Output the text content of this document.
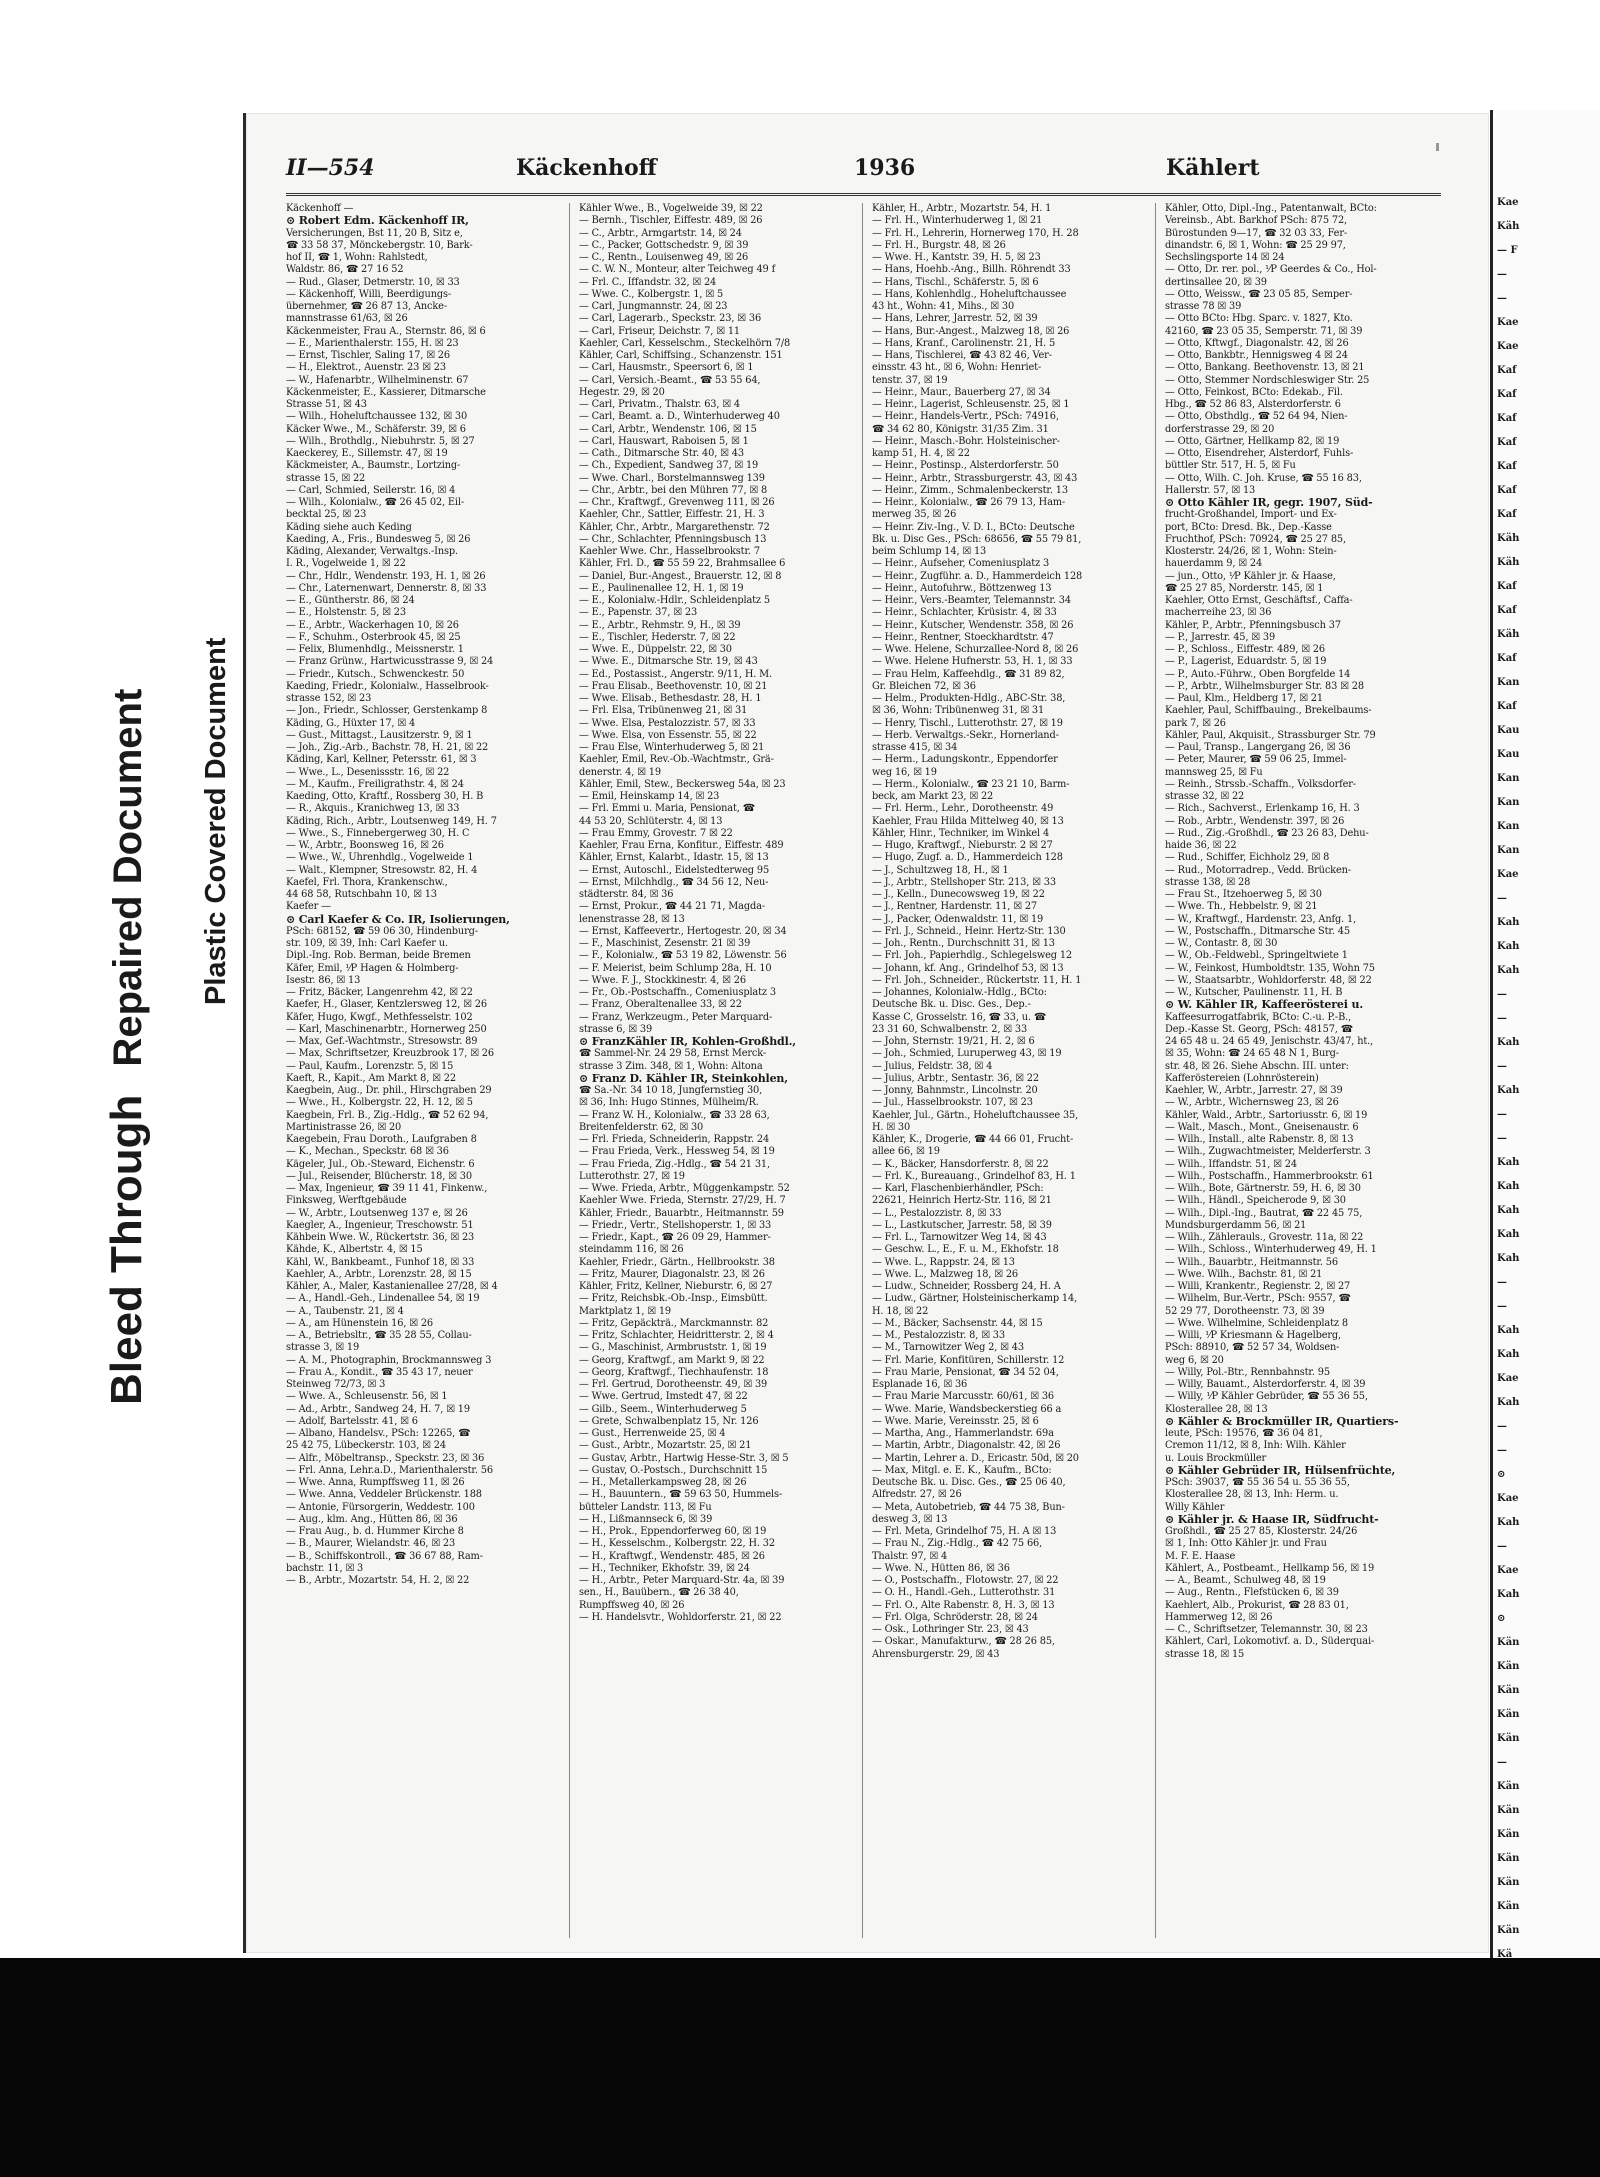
Bleed ThroughRepaired Document Plastic Covered Document
II—554	Käckenhoff	1936	Kählert
Käckenhoff —
⊙ Robert Edm. Käckenhoff IR,
Versicherungen, Bst 11, 20 B, Sitz e,
☎ 33 58 37, Mönckebergstr. 10, Bark-
hof II, ☎ 1, Wohn: Rahlstedt,
Waldstr. 86, ☎ 27 16 52
— Rud., Glaser, Detmerstr. 10, ☒ 33
— Käckenhoff, Willi, Beerdigungs-
übernehmer, ☎ 26 87 13, Ancke-
mannstrasse 61/63, ☒ 26
Käckenmeister, Frau A., Sternstr. 86, ☒ 6
— E., Marienthalerstr. 155, H. ☒ 23
— Ernst, Tischler, Saling 17, ☒ 26
— H., Elektrot., Auenstr. 23 ☒ 23
— W., Hafenarbtr., Wilhelminenstr. 67
Käckenmeister, E., Kassierer, Ditmarsche
Strasse 51, ☒ 43
— Wilh., Hoheluftchaussee 132, ☒ 30
Käcker Wwe., M., Schäferstr. 39, ☒ 6
— Wilh., Brothdlg., Niebuhrstr. 5, ☒ 27
Kaeckerey, E., Sillemstr. 47, ☒ 19
Käckmeister, A., Baumstr., Lortzing-
strasse 15, ☒ 22
— Carl, Schmied, Seilerstr. 16, ☒ 4
— Wilh., Kolonialw., ☎ 26 45 02, Eil-
becktal 25, ☒ 23
Käding siehe auch Keding
Kaeding, A., Fris., Bundesweg 5, ☒ 26
Käding, Alexander, Verwaltgs.-Insp.
I. R., Vogelweide 1, ☒ 22
— Chr., Hdlr., Wendenstr. 193, H. 1, ☒ 26
— Chr., Laternenwart, Dennerstr. 8, ☒ 33
— E., Güntherstr. 86, ☒ 24
— E., Holstenstr. 5, ☒ 23
— E., Arbtr., Wackerhagen 10, ☒ 26
— F., Schuhm., Osterbrook 45, ☒ 25
— Felix, Blumenhdlg., Meissnerstr. 1
— Franz Grünw., Hartwicusstrasse 9, ☒ 24
— Friedr., Kutsch., Schwenckestr. 50
Kaeding, Friedr., Kolonialw., Hasselbrook-
strasse 152, ☒ 23
— Jon., Friedr., Schlosser, Gerstenkamp 8
Käding, G., Hüxter 17, ☒ 4
— Gust., Mittagst., Lausitzerstr. 9, ☒ 1
— Joh., Zig.-Arb., Bachstr. 78, H. 21, ☒ 22
Käding, Karl, Kellner, Petersstr. 61, ☒ 3
— Wwe., L., Desenissstr. 16, ☒ 22
— M., Kaufm., Freiligrathstr. 4, ☒ 24
Kaeding, Otto, Kraftf., Rossberg 30, H. B
— R., Akquis., Kranichweg 13, ☒ 33
Käding, Rich., Arbtr., Loutsenweg 149, H. 7
— Wwe., S., Finnebergerweg 30, H. C
— W., Arbtr., Boonsweg 16, ☒ 26
— Wwe., W., Uhrenhdlg., Vogelweide 1
— Walt., Klempner, Stresowstr. 82, H. 4
Kaefel, Frl. Thora, Krankenschw.,
44 68 58, Rutschbahn 10, ☒ 13
Kaefer —
⊙ Carl Kaefer & Co. IR, Isolierungen,
PSch: 68152, ☎ 59 06 30, Hindenburg-
str. 109, ☒ 39, Inh: Carl Kaefer u.
Dipl.-Ing. Rob. Berman, beide Bremen
Käfer, Emil, ¹⁄P Hagen & Holmberg-
Isestr. 86, ☒ 13
— Fritz, Bäcker, Langenrehm 42, ☒ 22
Kaefer, H., Glaser, Kentzlersweg 12, ☒ 26
Käfer, Hugo, Kwgf., Methfesselstr. 102
— Karl, Maschinenarbtr., Hornerweg 250
— Max, Gef.-Wachtmstr., Stresowstr. 89
— Max, Schriftsetzer, Kreuzbrook 17, ☒ 26
— Paul, Kaufm., Lorenzstr. 5, ☒ 15
Kaeft, R., Kapit., Am Markt 8, ☒ 22
Kaegbein, Aug., Dr. phil., Hirschgraben 29
— Wwe., H., Kolbergstr. 22, H. 12, ☒ 5
Kaegbein, Frl. B., Zig.-Hdlg., ☎ 52 62 94,
Martinistrasse 26, ☒ 20
Kaegebein, Frau Doroth., Laufgraben 8
— K., Mechan., Speckstr. 68 ☒ 36
Kägeler, Jul., Ob.-Steward, Eichenstr. 6
— Jul., Reisender, Blücherstr. 18, ☒ 30
— Max, Ingenieur, ☎ 39 11 41, Finkenw.,
Finksweg, Werftgebäude
— W., Arbtr., Loutsenweg 137 e, ☒ 26
Kaegler, A., Ingenieur, Treschowstr. 51
Kähbein Wwe. W., Rückertstr. 36, ☒ 23
Kähde, K., Albertstr. 4, ☒ 15
Kähl, W., Bankbeamt., Funhof 18, ☒ 33
Kaehler, A., Arbtr., Lorenzstr. 28, ☒ 15
Kähler, A., Maler, Kastanienallee 27/28, ☒ 4
— A., Handl.-Geh., Lindenallee 54, ☒ 19
— A., Taubenstr. 21, ☒ 4
— A., am Hünenstein 16, ☒ 26
— A., Betriebsltr., ☎ 35 28 55, Collau-
strasse 3, ☒ 19
— A. M., Photographin, Brockmannsweg 3
— Frau A., Kondit., ☎ 35 43 17, neuer
Steinweg 72/73, ☒ 3
— Wwe. A., Schleusenstr. 56, ☒ 1
— Ad., Arbtr., Sandweg 24, H. 7, ☒ 19
— Adolf, Bartelsstr. 41, ☒ 6
— Albano, Handelsv., PSch: 12265, ☎
25 42 75, Lübeckerstr. 103, ☒ 24
— Alfr., Möbeltransp., Speckstr. 23, ☒ 36
— Frl. Anna, Lehr.a.D., Marienthalerstr. 56
— Wwe. Anna, Rumpffsweg 11, ☒ 26
— Wwe. Anna, Veddeler Brückenstr. 188
— Antonie, Fürsorgerin, Weddestr. 100
— Aug., klm. Ang., Hütten 86, ☒ 36
— Frau Aug., b. d. Hummer Kirche 8
— B., Maurer, Wielandstr. 46, ☒ 23
— B., Schiffskontroll., ☎ 36 67 88, Ram-
bachstr. 11, ☒ 3
— B., Arbtr., Mozartstr. 54, H. 2, ☒ 22
Kähler Wwe., B., Vogelweide 39, ☒ 22
— Bernh., Tischler, Eiffestr. 489, ☒ 26
— C., Arbtr., Armgartstr. 14, ☒ 24
— C., Packer, Gottschedstr. 9, ☒ 39
— C., Rentn., Louisenweg 49, ☒ 26
— C. W. N., Monteur, alter Teichweg 49 f
— Frl. C., Iffandstr. 32, ☒ 24
— Wwe. C., Kolbergstr. 1, ☒ 5
— Carl, Jungmannstr. 24, ☒ 23
— Carl, Lagerarb., Speckstr. 23, ☒ 36
— Carl, Friseur, Deichstr. 7, ☒ 11
Kaehler, Carl, Kesselschm., Steckelhörn 7/8
Kähler, Carl, Schiffsing., Schanzenstr. 151
— Carl, Hausmstr., Speersort 6, ☒ 1
— Carl, Versich.-Beamt., ☎ 53 55 64,
Hegestr. 29, ☒ 20
— Carl, Privatm., Thalstr. 63, ☒ 4
— Carl, Beamt. a. D., Winterhuderweg 40
— Carl, Arbtr., Wendenstr. 106, ☒ 15
— Carl, Hauswart, Raboisen 5, ☒ 1
— Cath., Ditmarsche Str. 40, ☒ 43
— Ch., Expedient, Sandweg 37, ☒ 19
— Wwe. Charl., Borstelmannsweg 139
— Chr., Arbtr., bei den Mühren 77, ☒ 8
— Chr., Kraftwgf., Grevenweg 111, ☒ 26
Kaehler, Chr., Sattler, Eiffestr. 21, H. 3
Kähler, Chr., Arbtr., Margarethenstr. 72
— Chr., Schlachter, Pfenningsbusch 13
Kaehler Wwe. Chr., Hasselbrookstr. 7
Kähler, Frl. D., ☎ 55 59 22, Brahmsallee 6
— Daniel, Bur.-Angest., Brauerstr. 12, ☒ 8
— E., Paulinenallee 12, H. 1, ☒ 19
— E., Kolonialw.-Hdlr., Schleidenplatz 5
— E., Papenstr. 37, ☒ 23
— E., Arbtr., Rehmstr. 9, H., ☒ 39
— E., Tischler, Hederstr. 7, ☒ 22
— Wwe. E., Düppelstr. 22, ☒ 30
— Wwe. E., Ditmarsche Str. 19, ☒ 43
— Ed., Postassist., Angerstr. 9/11, H. M.
— Frau Elisab., Beethovenstr. 10, ☒ 21
— Wwe. Elisab., Bethesdastr. 28, H. 1
— Frl. Elsa, Tribünenweg 21, ☒ 31
— Wwe. Elsa, Pestalozzistr. 57, ☒ 33
— Wwe. Elsa, von Essenstr. 55, ☒ 22
— Frau Else, Winterhuderweg 5, ☒ 21
Kaehler, Emil, Rev.-Ob.-Wachtmstr., Grä-
denerstr. 4, ☒ 19
Kähler, Emil, Stew., Beckersweg 54a, ☒ 23
— Emil, Heinskamp 14, ☒ 23
— Frl. Emmi u. Maria, Pensionat, ☎
44 53 20, Schlüterstr. 4, ☒ 13
— Frau Emmy, Grovestr. 7 ☒ 22
Kaehler, Frau Erna, Konfitur., Eiffestr. 489
Kähler, Ernst, Kalarbt., Idastr. 15, ☒ 13
— Ernst, Autoschl., Eidelstedterweg 95
— Ernst, Milchhdlg., ☎ 34 56 12, Neu-
städterstr. 84, ☒ 36
— Ernst, Prokur., ☎ 44 21 71, Magda-
lenenstrasse 28, ☒ 13
— Ernst, Kaffeevertr., Hertogestr. 20, ☒ 34
— F., Maschinist, Zesenstr. 21 ☒ 39
— F., Kolonialw., ☎ 53 19 82, Löwenstr. 56
— F. Meierist, beim Schlump 28a, H. 10
— Wwe. F. J., Stockkinestr. 4, ☒ 26
— Fr., Ob.-Postschaffn., Comeniusplatz 3
— Franz, Oberaltenallee 33, ☒ 22
— Franz, Werkzeugm., Peter Marquard-
strasse 6, ☒ 39
⊙ FranzKähler IR, Kohlen-Großhdl.,
☎ Sammel-Nr. 24 29 58, Ernst Merck-
strasse 3 Zim. 348, ☒ 1, Wohn: Altona
⊙ Franz D. Kähler IR, Steinkohlen,
☎ Sa.-Nr. 34 10 18, Jungfernstieg 30,
☒ 36, Inh: Hugo Stinnes, Mülheim/R.
— Franz W. H., Kolonialw., ☎ 33 28 63,
Breitenfelderstr. 62, ☒ 30
— Frl. Frieda, Schneiderin, Rappstr. 24
— Frau Frieda, Verk., Hessweg 54, ☒ 19
— Frau Frieda, Zig.-Hdlg., ☎ 54 21 31,
Lutterothstr. 27, ☒ 19
— Wwe. Frieda, Arbtr., Müggenkampstr. 52
Kaehler Wwe. Frieda, Sternstr. 27/29, H. 7
Kähler, Friedr., Bauarbtr., Heitmannstr. 59
— Friedr., Vertr., Stellshoperstr. 1, ☒ 33
— Friedr., Kapt., ☎ 26 09 29, Hammer-
steindamm 116, ☒ 26
Kaehler, Friedr., Gärtn., Hellbrookstr. 38
— Fritz, Maurer, Diagonalstr. 23, ☒ 26
Kähler, Fritz, Kellner, Nieburstr. 6, ☒ 27
— Fritz, Reichsbk.-Ob.-Insp., Eimsbütt.
Marktplatz 1, ☒ 19
— Fritz, Gepäckträ., Marckmannstr. 82
— Fritz, Schlachter, Heidritterstr. 2, ☒ 4
— G., Maschinist, Armbruststr. 1, ☒ 19
— Georg, Kraftwgf., am Markt 9, ☒ 22
— Georg, Kraftwgf., Tiechhaufenstr. 18
— Frl. Gertrud, Dorotheenstr. 49, ☒ 39
— Wwe. Gertrud, Imstedt 47, ☒ 22
— Gilb., Seem., Winterhuderweg 5
— Grete, Schwalbenplatz 15, Nr. 126
— Gust., Herrenweide 25, ☒ 4
— Gust., Arbtr., Mozartstr. 25, ☒ 21
— Gustav, Arbtr., Hartwig Hesse-Str. 3, ☒ 5
— Gustav, O.-Postsch., Durchschnitt 15
— H., Metallerkampsweg 28, ☒ 26
— H., Bauuntern., ☎ 59 63 50, Hummels-
bütteler Landstr. 113, ☒ Fu
— H., Lißmannseck 6, ☒ 39
— H., Prok., Eppendorferweg 60, ☒ 19
— H., Kesselschm., Kolbergstr. 22, H. 32
— H., Kraftwgf., Wendenstr. 485, ☒ 26
— H., Techniker, Ekhofstr. 39, ☒ 24
— H., Arbtr., Peter Marquard-Str. 4a, ☒ 39
sen., H., Bauübern., ☎ 26 38 40,
Rumpffsweg 40, ☒ 26
— H. Handelsvtr., Wohldorferstr. 21, ☒ 22
Kähler, H., Arbtr., Mozartstr. 54, H. 1
— Frl. H., Winterhuderweg 1, ☒ 21
— Frl. H., Lehrerin, Hornerweg 170, H. 28
— Frl. H., Burgstr. 48, ☒ 26
— Wwe. H., Kantstr. 39, H. 5, ☒ 23
— Hans, Hoehb.-Ang., Billh. Röhrendt 33
— Hans, Tischl., Schäferstr. 5, ☒ 6
— Hans, Kohlenhdlg., Hoheluftchaussee
43 ht., Wohn: 41, Mihs., ☒ 30
— Hans, Lehrer, Jarrestr. 52, ☒ 39
— Hans, Bur.-Angest., Malzweg 18, ☒ 26
— Hans, Kranf., Carolinenstr. 21, H. 5
— Hans, Tischlerei, ☎ 43 82 46, Ver-
einsstr. 43 ht., ☒ 6, Wohn: Henriet-
tenstr. 37, ☒ 19
— Heinr., Maur., Bauerberg 27, ☒ 34
— Heinr., Lagerist, Schleusenstr. 25, ☒ 1
— Heinr., Handels-Vertr., PSch: 74916,
☎ 34 62 80, Königstr. 31/35 Zim. 31
— Heinr., Masch.-Bohr. Holsteinischer-
kamp 51, H. 4, ☒ 22
— Heinr., Postinsp., Alsterdorferstr. 50
— Heinr., Arbtr., Strassburgerstr. 43, ☒ 43
— Heinr., Zimm., Schmalenbeckerstr. 13
— Heinr., Kolonialw., ☎ 26 79 13, Ham-
merweg 35, ☒ 26
— Heinr. Ziv.-Ing., V. D. I., BCto: Deutsche
Bk. u. Disc Ges., PSch: 68656, ☎ 55 79 81,
beim Schlump 14, ☒ 13
— Heinr., Aufseher, Comeniusplatz 3
— Heinr., Zugführ. a. D., Hammerdeich 128
— Heinr., Autofuhrw., Böttzenweg 13
— Heinr., Vers.-Beamter, Telemannstr. 34
— Heinr., Schlachter, Krüsistr. 4, ☒ 33
— Heinr., Kutscher, Wendenstr. 358, ☒ 26
— Heinr., Rentner, Stoeckhardtstr. 47
— Wwe. Helene, Schurzallee-Nord 8, ☒ 26
— Wwe. Helene Hufnerstr. 53, H. 1, ☒ 33
— Frau Helm, Kaffeehdlg., ☎ 31 89 82,
Gr. Bleichen 72, ☒ 36
— Helm., Produkten-Hdlg., ABC-Str. 38,
☒ 36, Wohn: Tribünenweg 31, ☒ 31
— Henry, Tischl., Lutterothstr. 27, ☒ 19
— Herb. Verwaltgs.-Sekr., Hornerland-
strasse 415, ☒ 34
— Herm., Ladungskontr., Eppendorfer
weg 16, ☒ 19
— Herm., Kolonialw., ☎ 23 21 10, Barm-
beck, am Markt 23, ☒ 22
— Frl. Herm., Lehr., Dorotheenstr. 49
Kaehler, Frau Hilda Mittelweg 40, ☒ 13
Kähler, Hinr., Techniker, im Winkel 4
— Hugo, Kraftwgf., Nieburstr. 2 ☒ 27
— Hugo, Zugf. a. D., Hammerdeich 128
— J., Schultzweg 18, H., ☒ 1
— J., Arbtr., Stellshoper Str. 213, ☒ 33
— J., Kelln., Dunecowsweg 19, ☒ 22
— J., Rentner, Hardenstr. 11, ☒ 27
— J., Packer, Odenwaldstr. 11, ☒ 19
— Frl. J., Schneid., Heinr. Hertz-Str. 130
— Joh., Rentn., Durchschnitt 31, ☒ 13
— Frl. Joh., Papierhdlg., Schlegelsweg 12
— Johann, kf. Ang., Grindelhof 53, ☒ 13
— Frl. Joh., Schneider., Rückertstr. 11, H. 1
— Johannes, Kolonialw.-Hdlg., BCto:
Deutsche Bk. u. Disc. Ges., Dep.-
Kasse C, Grosselstr. 16, ☎ 33, u. ☎
23 31 60, Schwalbenstr. 2, ☒ 33
— John, Sternstr. 19/21, H. 2, ☒ 6
— Joh., Schmied, Luruperweg 43, ☒ 19
— Julius, Feldstr. 38, ☒ 4
— Julius, Arbtr., Sentastr. 36, ☒ 22
— Jonny, Bahnmstr., Lincolnstr. 20
— Jul., Hasselbrookstr. 107, ☒ 23
Kaehler, Jul., Gärtn., Hoheluftchaussee 35,
H. ☒ 30
Kähler, K., Drogerie, ☎ 44 66 01, Frucht-
allee 66, ☒ 19
— K., Bäcker, Hansdorferstr. 8, ☒ 22
— Frl. K., Bureauang., Grindelhof 83, H. 1
— Karl, Flaschenbierhändler, PSch:
22621, Heinrich Hertz-Str. 116, ☒ 21
— L., Pestalozzistr. 8, ☒ 33
— L., Lastkutscher, Jarrestr. 58, ☒ 39
— Frl. L., Tarnowitzer Weg 14, ☒ 43
— Geschw. L., E., F. u. M., Ekhofstr. 18
— Wwe. L., Rappstr. 24, ☒ 13
— Wwe. L., Malzweg 18, ☒ 26
— Ludw., Schneider, Rossberg 24, H. A
— Ludw., Gärtner, Holsteinischerkamp 14,
H. 18, ☒ 22
— M., Bäcker, Sachsenstr. 44, ☒ 15
— M., Pestalozzistr. 8, ☒ 33
— M., Tarnowitzer Weg 2, ☒ 43
— Frl. Marie, Konfitüren, Schillerstr. 12
— Frau Marie, Pensionat, ☎ 34 52 04,
Esplanade 16, ☒ 36
— Frau Marie Marcusstr. 60/61, ☒ 36
— Wwe. Marie, Wandsbeckerstieg 66 a
— Wwe. Marie, Vereinsstr. 25, ☒ 6
— Martha, Ang., Hammerlandstr. 69a
— Martin, Arbtr., Diagonalstr. 42, ☒ 26
— Martin, Lehrer a. D., Ericastr. 50d, ☒ 20
— Max, Mitgl. e. E. K., Kaufm., BCto:
Deutsche Bk. u. Disc. Ges., ☎ 25 06 40,
Alfredstr. 27, ☒ 26
— Meta, Autobetrieb, ☎ 44 75 38, Bun-
desweg 3, ☒ 13
— Frl. Meta, Grindelhof 75, H. A ☒ 13
— Frau N., Zig.-Hdlg., ☎ 42 75 66,
Thalstr. 97, ☒ 4
— Wwe. N., Hütten 86, ☒ 36
— O., Postschaffn., Flotowstr. 27, ☒ 22
— O. H., Handl.-Geh., Lutterothstr. 31
— Frl. O., Alte Rabenstr. 8, H. 3, ☒ 13
— Frl. Olga, Schröderstr. 28, ☒ 24
— Osk., Lothringer Str. 23, ☒ 43
— Oskar., Manufakturw., ☎ 28 26 85,
Ahrensburgerstr. 29, ☒ 43
Kähler, Otto, Dipl.-Ing., Patentanwalt, BCto:
Vereinsb., Abt. Barkhof PSch: 875 72,
Bürostunden 9—17, ☎ 32 03 33, Fer-
dinandstr. 6, ☒ 1, Wohn: ☎ 25 29 97,
Sechslingsporte 14 ☒ 24
— Otto, Dr. rer. pol., ¹⁄P Geerdes & Co., Hol-
dertinsallee 20, ☒ 39
— Otto, Weissw., ☎ 23 05 85, Semper-
strasse 78 ☒ 39
— Otto BCto: Hbg. Sparc. v. 1827, Kto.
42160, ☎ 23 05 35, Semperstr. 71, ☒ 39
— Otto, Kftwgf., Diagonalstr. 42, ☒ 26
— Otto, Bankbtr., Hennigsweg 4 ☒ 24
— Otto, Bankang. Beethovenstr. 13, ☒ 21
— Otto, Stemmer Nordschleswiger Str. 25
— Otto, Feinkost, BCto: Edekab., Fil.
Hbg., ☎ 52 86 83, Alsterdorferstr. 6
— Otto, Obsthdlg., ☎ 52 64 94, Nien-
dorferstrasse 29, ☒ 20
— Otto, Gärtner, Hellkamp 82, ☒ 19
— Otto, Eisendreher, Alsterdorf, Fuhls-
büttler Str. 517, H. 5, ☒ Fu
— Otto, Wilh. C. Joh. Kruse, ☎ 55 16 83,
Hallerstr. 57, ☒ 13
⊙ Otto Kähler IR, gegr. 1907, Süd-
frucht-Großhandel, Import- und Ex-
port, BCto: Dresd. Bk., Dep.-Kasse
Fruchthof, PSch: 70924, ☎ 25 27 85,
Klosterstr. 24/26, ☒ 1, Wohn: Stein-
hauerdamm 9, ☒ 24
— jun., Otto, ¹⁄P Kähler jr. & Haase,
☎ 25 27 85, Norderstr. 145, ☒ 1
Kaehler, Otto Ernst, Geschäftsf., Caffa-
macherreihe 23, ☒ 36
Kähler, P., Arbtr., Pfenningsbusch 37
— P., Jarrestr. 45, ☒ 39
— P., Schloss., Eiffestr. 489, ☒ 26
— P., Lagerist, Eduardstr. 5, ☒ 19
— P., Auto.-Führw., Oben Borgfelde 14
— P., Arbtr., Wilhelmsburger Str. 83 ☒ 28
— Paul, Klm., Heldberg 17, ☒ 21
Kaehler, Paul, Schiffbauing., Brekelbaums-
park 7, ☒ 26
Kähler, Paul, Akquisit., Strassburger Str. 79
— Paul, Transp., Langergang 26, ☒ 36
— Peter, Maurer, ☎ 59 06 25, Immel-
mannsweg 25, ☒ Fu
— Reinh., Strssb.-Schaffn., Volksdorfer-
strasse 32, ☒ 22
— Rich., Sachverst., Erlenkamp 16, H. 3
— Rob., Arbtr., Wendenstr. 397, ☒ 26
— Rud., Zig.-Großhdl., ☎ 23 26 83, Dehu-
haide 36, ☒ 22
— Rud., Schiffer, Eichholz 29, ☒ 8
— Rud., Motorradrep., Vedd. Brücken-
strasse 138, ☒ 28
— Frau St., Itzehoerweg 5, ☒ 30
— Wwe. Th., Hebbelstr. 9, ☒ 21
— W., Kraftwgf., Hardenstr. 23, Anfg. 1,
— W., Postschaffn., Ditmarsche Str. 45
— W., Contastr. 8, ☒ 30
— W., Ob.-Feldwebl., Springeltwiete 1
— W., Feinkost, Humboldtstr. 135, Wohn 75
— W., Staatsarbtr., Wohldorferstr. 48, ☒ 22
— W., Kutscher, Paulinenstr. 11, H. B
⊙ W. Kähler IR, Kaffeerösterei u.
Kaffeesurrogatfabrik, BCto: C.-u. P.-B.,
Dep.-Kasse St. Georg, PSch: 48157, ☎
24 65 48 u. 24 65 49, Jenischstr. 43/47, ht.,
☒ 35, Wohn: ☎ 24 65 48 N 1, Burg-
str. 48, ☒ 26. Siehe Abschn. III. unter:
Kafferöstereien (Lohnrösterein)
Kaehler, W., Arbtr., Jarrestr. 27, ☒ 39
— W., Arbtr., Wichernsweg 23, ☒ 26
Kähler, Wald., Arbtr., Sartoriusstr. 6, ☒ 19
— Walt., Masch., Mont., Gneisenaustr. 6
— Wilh., Install., alte Rabenstr. 8, ☒ 13
— Wilh., Zugwachtmeister, Melderferstr. 3
— Wilh., Iffandstr. 51, ☒ 24
— Wilh., Postschaffn., Hammerbrookstr. 61
— Wilh., Bote, Gärtnerstr. 59, H. 6, ☒ 30
— Wilh., Händl., Speicherode 9, ☒ 30
— Wilh., Dipl.-Ing., Bautrat, ☎ 22 45 75,
Mundsburgerdamm 56, ☒ 21
— Wilh., Zählerauls., Grovestr. 11a, ☒ 22
— Wilh., Schloss., Winterhuderweg 49, H. 1
— Wilh., Bauarbtr., Heitmannstr. 56
— Wwe. Wilh., Bachstr. 81, ☒ 21
— Willi, Krankentr., Regienstr. 2, ☒ 27
— Wilhelm, Bur.-Vertr., PSch: 9557, ☎
52 29 77, Dorotheenstr. 73, ☒ 39
— Wwe. Wilhelmine, Schleidenplatz 8
— Willi, ¹⁄P Kriesmann & Hagelberg,
PSch: 88910, ☎ 52 57 34, Woldsen-
weg 6, ☒ 20
— Willy, Pol.-Btr., Rennbahnstr. 95
— Willy, Bauamt., Alsterdorferstr. 4, ☒ 39
— Willy, ¹⁄P Kähler Gebrüder, ☎ 55 36 55,
Klosterallee 28, ☒ 13
⊙ Kähler & Brockmüller IR, Quartiers-
leute, PSch: 19576, ☎ 36 04 81,
Cremon 11/12, ☒ 8, Inh: Wilh. Kähler
u. Louis Brockmüller
⊙ Kähler Gebrüder IR, Hülsenfrüchte,
PSch: 39037, ☎ 55 36 54 u. 55 36 55,
Klosterallee 28, ☒ 13, Inh: Herm. u.
Willy Kähler
⊙ Kähler jr. & Haase IR, Südfrucht-
Großhdl., ☎ 25 27 85, Klosterstr. 24/26
☒ 1, Inh: Otto Kähler jr. und Frau
M. F. E. Haase
Kählert, A., Postbeamt., Hellkamp 56, ☒ 19
— A., Beamt., Schulweg 48, ☒ 19
— Aug., Rentn., Flefstücken 6, ☒ 39
Kaehlert, Alb., Prokurist, ☎ 28 83 01,
Hammerweg 12, ☒ 26
— C., Schriftsetzer, Telemannstr. 30, ☒ 23
Kählert, Carl, Lokomotivf. a. D., Süderquai-
strasse 18, ☒ 15
Kae
Käh
— F
—
—
Kae
Kae
Kaf
Kaf
Kaf
Kaf
Kaf
Kaf
Kaf
Käh
Käh
Kaf
Kaf
Käh
Kaf
Kan
Kaf
Kau
Kau
Kan
Kan
Kan
Kan
Kae
—
Kah
Kah
Kah
—
—
Kah
—
Kah
—
—
Kah
Kah
Kah
Kah
Kah
—
—
Kah
Kah
Kae
Kah
—
—
⊙
Kae
Kah
—
Kae
Kah
⊙
Kän
Kän
Kän
Kän
Kän
—
Kän
Kän
Kän
Kän
Kän
Kän
Kän
Kä
